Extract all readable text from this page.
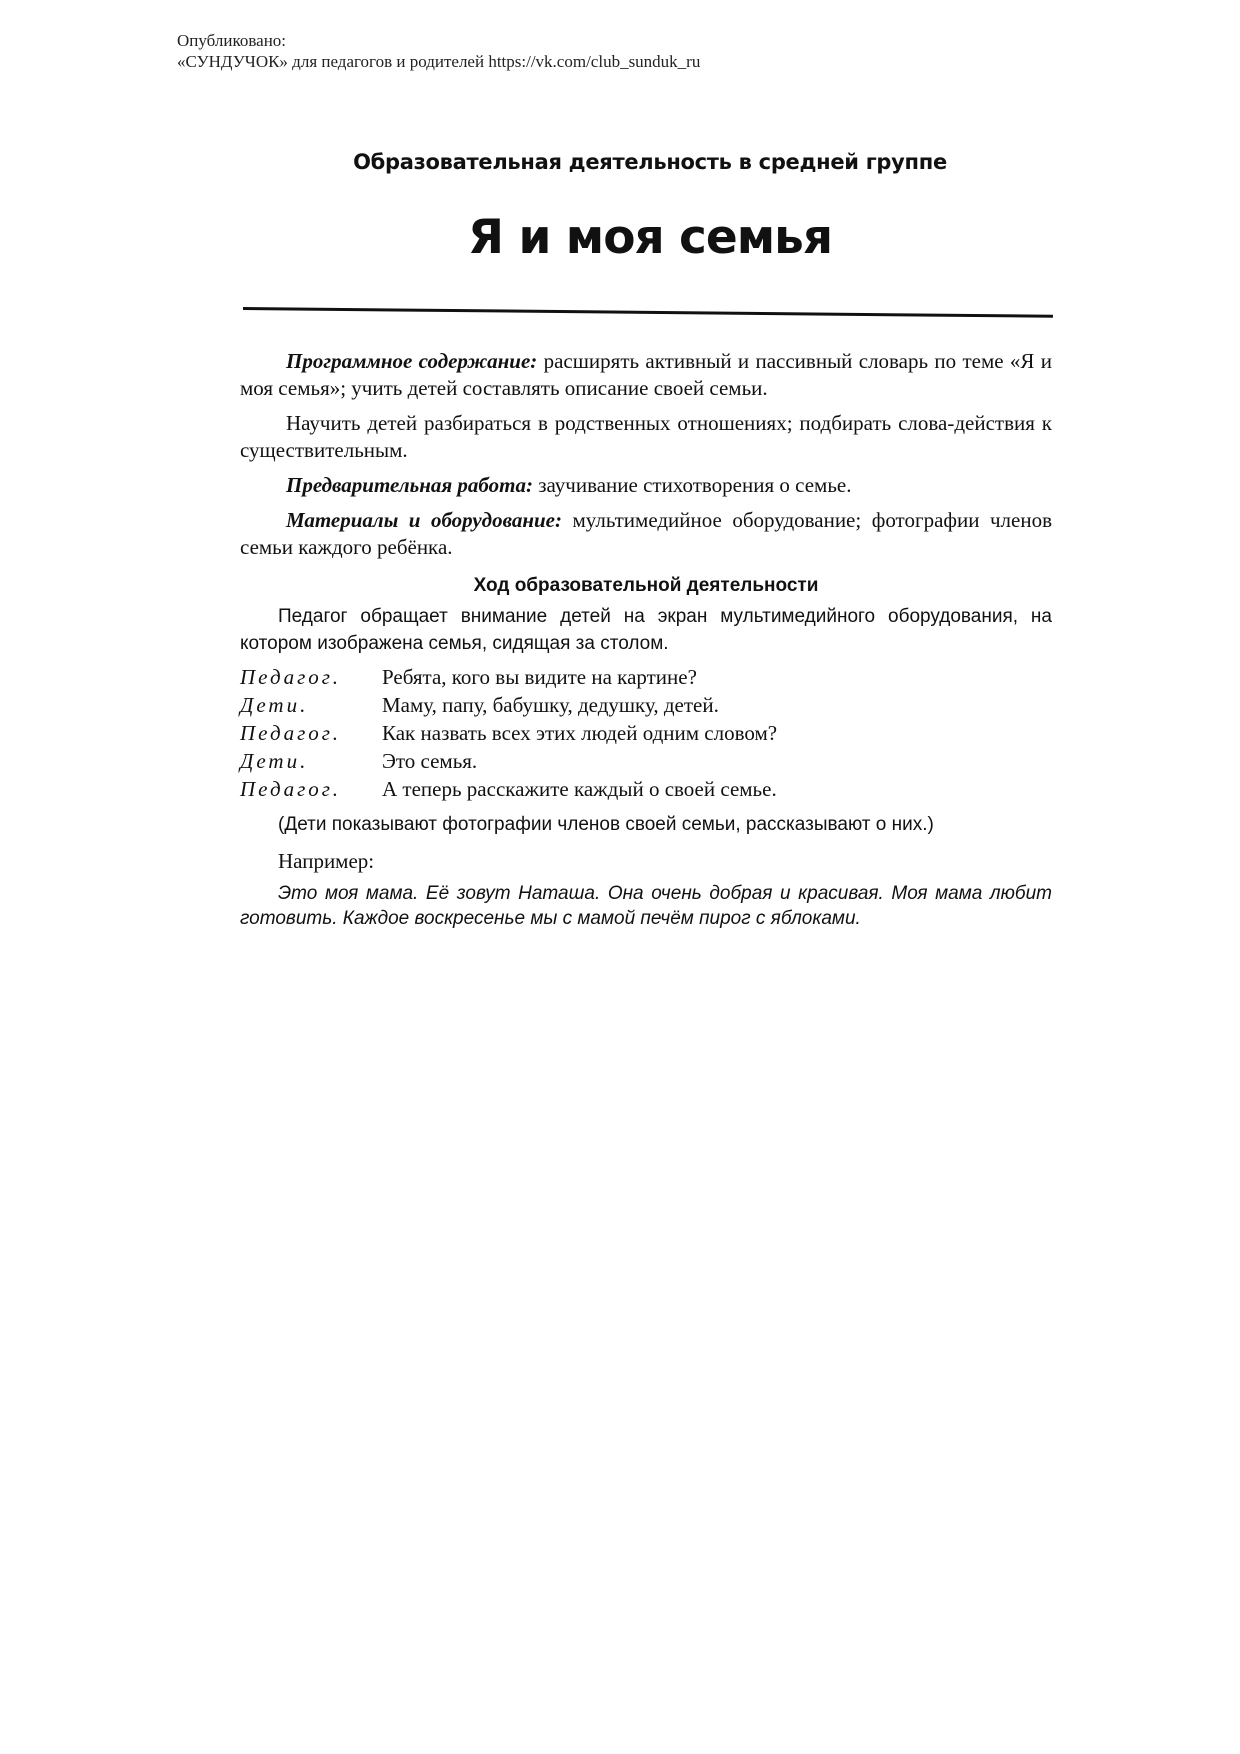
Опубликовано:
«СУНДУЧОК» для педагогов и родителей https://vk.com/club_sunduk_ru
Образовательная деятельность в средней группе
Я и моя семья

Программное содержание: расширять активный и пассивный словарь по теме «Я и моя семья»; учить детей составлять описание своей семьи.

Научить детей разбираться в родственных отношениях; подбирать слова-действия к существительным.

Предварительная работа: заучивание стихотворения о семье.

Материалы и оборудование: мультимедийное оборудование; фотографии членов семьи каждого ребёнка.

Ход образовательной деятельности

Педагог обращает внимание детей на экран мультимедийного оборудования, на котором изображена семья, сидящая за столом.

Педагог.	Ребята, кого вы видите на картине?
Дети.	Маму, папу, бабушку, дедушку, детей.
Педагог.	Как назвать всех этих людей одним словом?
Дети.	Это семья.
Педагог.	А теперь расскажите каждый о своей семье.

(Дети показывают фотографии членов своей семьи, рассказывают о них.)

Например:

Это моя мама. Её зовут Наташа. Она очень добрая и красивая. Моя мама любит готовить. Каждое воскресенье мы с мамой печём пирог с яблоками.
